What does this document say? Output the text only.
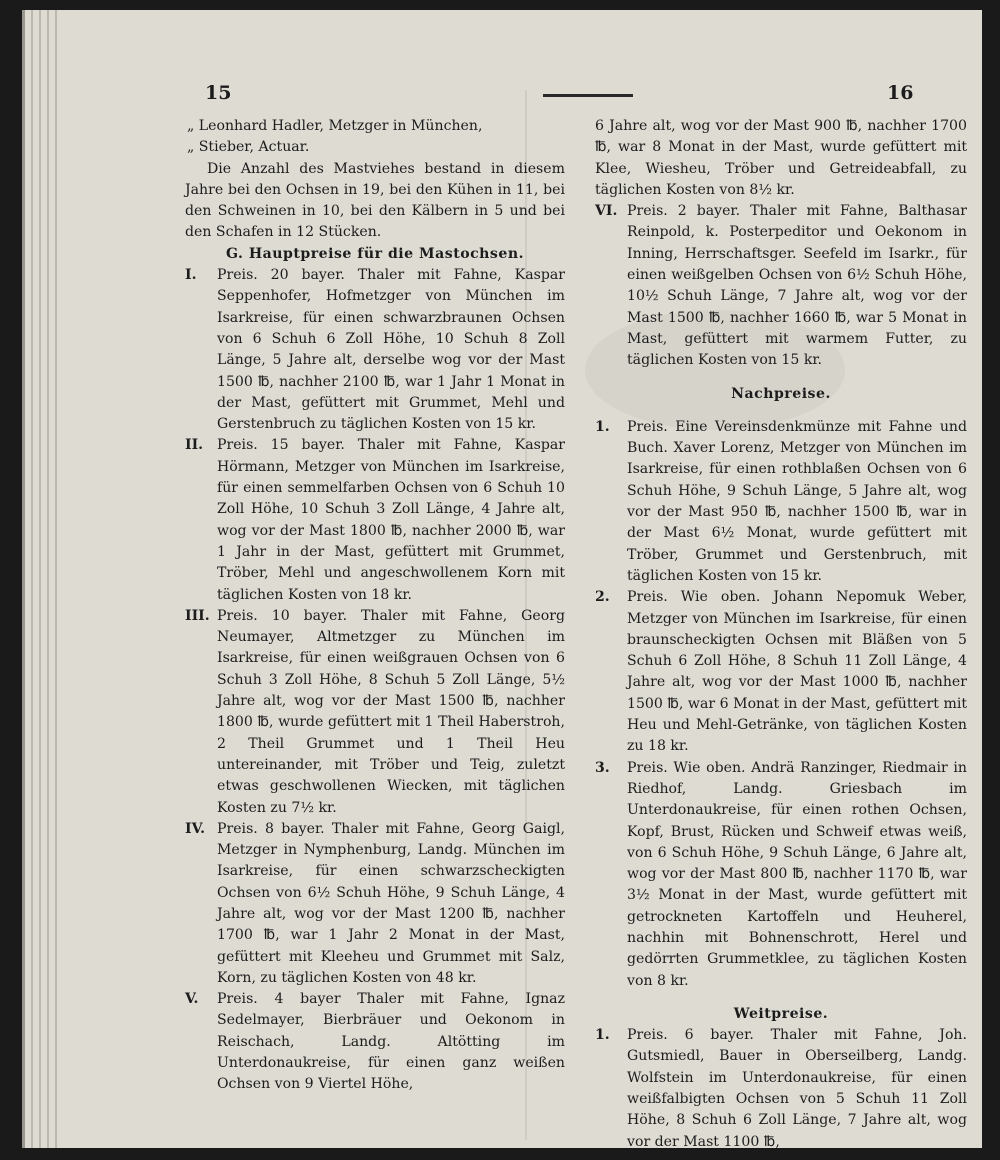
15	16

„ Leonhard Hadler, Metzger in München,

„ Stieber, Actuar.

Die Anzahl des Mastviehes bestand in diesem Jahre bei den Ochsen in 19, bei den Kühen in 11, bei den Schweinen in 10, bei den Kälbern in 5 und bei den Schafen in 12 Stücken.

G. Hauptpreise für die Mastochsen.

I. Preis. 20 bayer. Thaler mit Fahne, Kaspar Seppenhofer, Hofmetzger von München im Isarkreise, für einen schwarzbraunen Ochsen von 6 Schuh 6 Zoll Höhe, 10 Schuh 8 Zoll Länge, 5 Jahre alt, derselbe wog vor der Mast 1500 ℔, nachher 2100 ℔, war 1 Jahr 1 Monat in der Mast, gefüttert mit Grummet, Mehl und Gerstenbruch zu täglichen Kosten von 15 kr.

II. Preis. 15 bayer. Thaler mit Fahne, Kaspar Hörmann, Metzger von München im Isarkreise, für einen semmelfarben Ochsen von 6 Schuh 10 Zoll Höhe, 10 Schuh 3 Zoll Länge, 4 Jahre alt, wog vor der Mast 1800 ℔, nachher 2000 ℔, war 1 Jahr in der Mast, gefüttert mit Grummet, Tröber, Mehl und angeschwollenem Korn mit täglichen Kosten von 18 kr.

III. Preis. 10 bayer. Thaler mit Fahne, Georg Neumayer, Altmetzger zu München im Isarkreise, für einen weißgrauen Ochsen von 6 Schuh 3 Zoll Höhe, 8 Schuh 5 Zoll Länge, 5½ Jahre alt, wog vor der Mast 1500 ℔, nachher 1800 ℔, wurde gefüttert mit 1 Theil Haberstroh, 2 Theil Grummet und 1 Theil Heu untereinander, mit Tröber und Teig, zuletzt etwas geschwollenen Wiecken, mit täglichen Kosten zu 7½ kr.

IV. Preis. 8 bayer. Thaler mit Fahne, Georg Gaigl, Metzger in Nymphenburg, Landg. München im Isarkreise, für einen schwarzscheckigten Ochsen von 6½ Schuh Höhe, 9 Schuh Länge, 4 Jahre alt, wog vor der Mast 1200 ℔, nachher 1700 ℔, war 1 Jahr 2 Monat in der Mast, gefüttert mit Kleeheu und Grummet mit Salz, Korn, zu täglichen Kosten von 48 kr.

V. Preis. 4 bayer Thaler mit Fahne, Ignaz Sedelmayer, Bierbräuer und Oekonom in Reischach, Landg. Altötting im Unterdonaukreise, für einen ganz weißen Ochsen von 9 Viertel Höhe,

6 Jahre alt, wog vor der Mast 900 ℔, nachher 1700 ℔, war 8 Monat in der Mast, wurde gefüttert mit Klee, Wiesheu, Tröber und Getreideabfall, zu täglichen Kosten von 8½ kr.

VI. Preis. 2 bayer. Thaler mit Fahne, Balthasar Reinpold, k. Posterpeditor und Oekonom in Inning, Herrschaftsger. Seefeld im Isarkr., für einen weißgelben Ochsen von 6½ Schuh Höhe, 10½ Schuh Länge, 7 Jahre alt, wog vor der Mast 1500 ℔, nachher 1660 ℔, war 5 Monat in Mast, gefüttert mit warmem Futter, zu täglichen Kosten von 15 kr.

Nachpreise.

1. Preis. Eine Vereinsdenkmünze mit Fahne und Buch. Xaver Lorenz, Metzger von München im Isarkreise, für einen rothblaßen Ochsen von 6 Schuh Höhe, 9 Schuh Länge, 5 Jahre alt, wog vor der Mast 950 ℔, nachher 1500 ℔, war in der Mast 6½ Monat, wurde gefüttert mit Tröber, Grummet und Gerstenbruch, mit täglichen Kosten von 15 kr.

2. Preis. Wie oben. Johann Nepomuk Weber, Metzger von München im Isarkreise, für einen braunscheckigten Ochsen mit Bläßen von 5 Schuh 6 Zoll Höhe, 8 Schuh 11 Zoll Länge, 4 Jahre alt, wog vor der Mast 1000 ℔, nachher 1500 ℔, war 6 Monat in der Mast, gefüttert mit Heu und Mehl-Getränke, von täglichen Kosten zu 18 kr.

3. Preis. Wie oben. Andrä Ranzinger, Riedmair in Riedhof, Landg. Griesbach im Unterdonaukreise, für einen rothen Ochsen, Kopf, Brust, Rücken und Schweif etwas weiß, von 6 Schuh Höhe, 9 Schuh Länge, 6 Jahre alt, wog vor der Mast 800 ℔, nachher 1170 ℔, war 3½ Monat in der Mast, wurde gefüttert mit getrockneten Kartoffeln und Heuherel, nachhin mit Bohnenschrott, Herel und gedörrten Grummetklee, zu täglichen Kosten von 8 kr.

Weitpreise.

1. Preis. 6 bayer. Thaler mit Fahne, Joh. Gutsmiedl, Bauer in Oberseilberg, Landg. Wolfstein im Unterdonaukreise, für einen weißfalbigten Ochsen von 5 Schuh 11 Zoll Höhe, 8 Schuh 6 Zoll Länge, 7 Jahre alt, wog vor der Mast 1100 ℔,
